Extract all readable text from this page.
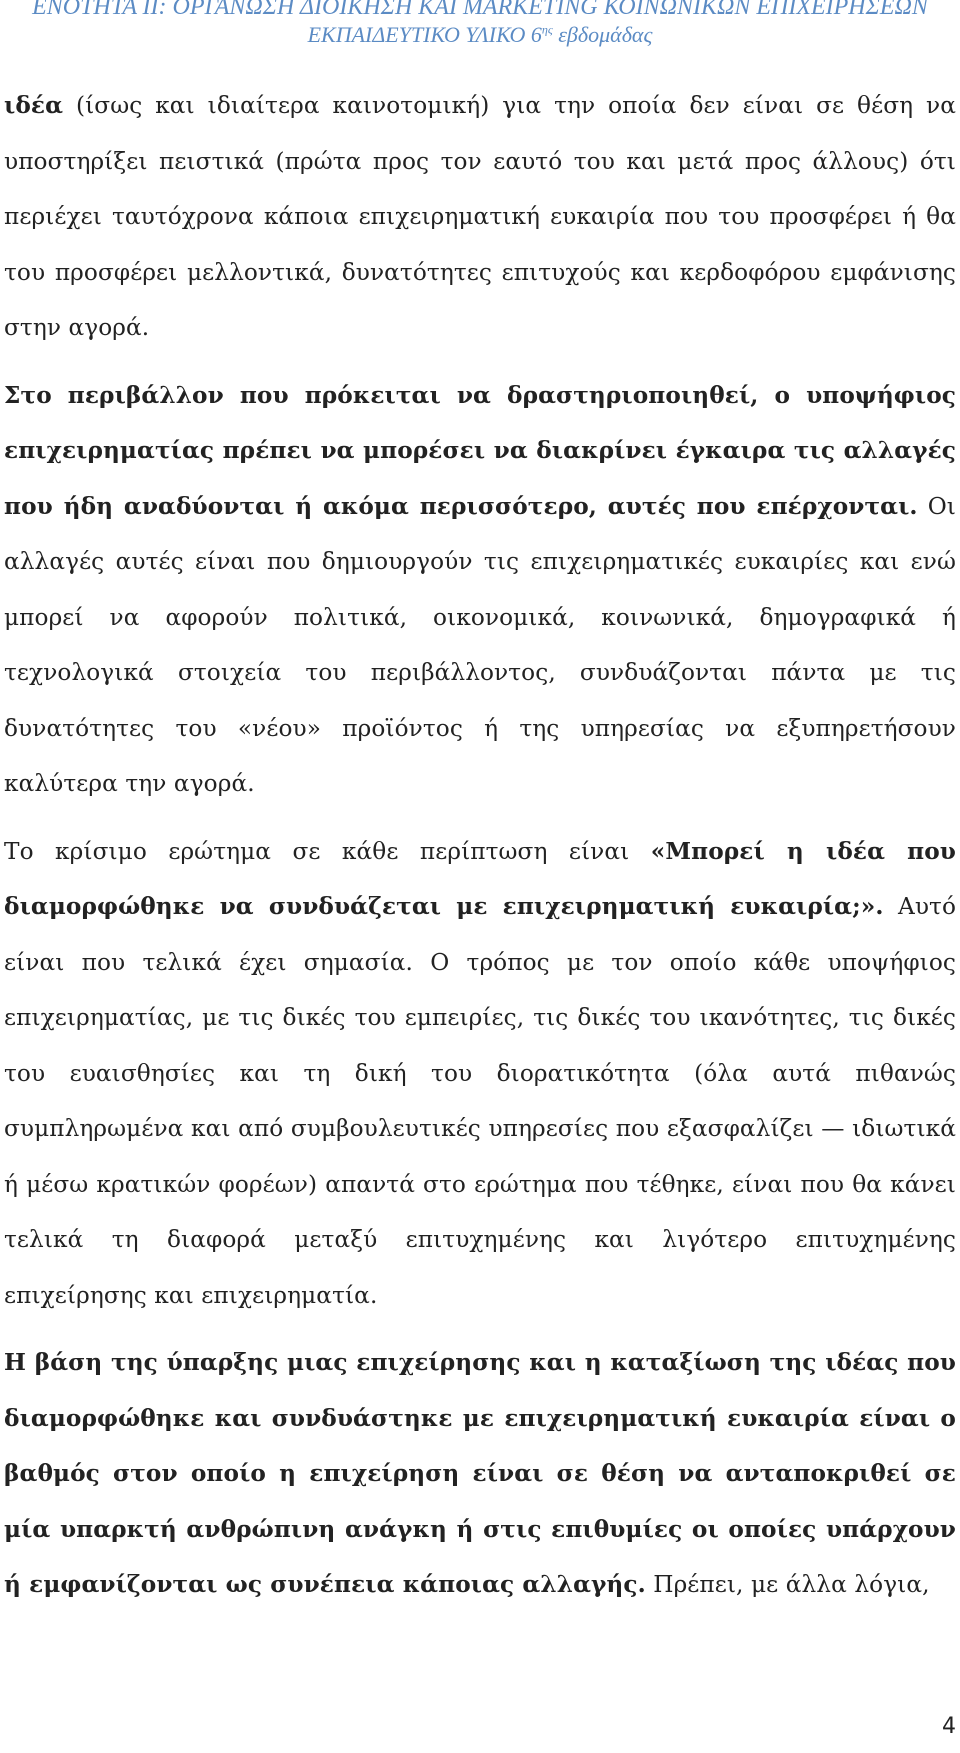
ΕΝΟΤΗΤΑ ΙΙ: ΟΡΓΑΝΩΣΗ ΔΙΟΙΚΗΣΗ ΚΑΙ MARKETING ΚΟΙΝΩΝΙΚΩΝ ΕΠΙΧΕΙΡΗΣΕΩΝ
ΕΚΠΑΙΔΕΥΤΙΚΟ ΥΛΙΚΟ $6^{\eta\varsigma}$ εβδομάδας

ιδέα (ίσως και ιδιαίτερα καινοτομική) για την οποία δεν είναι σε θέση να υποστηρίξει πειστικά (πρώτα προς τον εαυτό του και μετά προς άλλους) ότι περιέχει ταυτόχρονα κάποια επιχειρηματική ευκαιρία που του προσφέρει ή θα του προσφέρει μελλοντικά, δυνατότητες επιτυχούς και κερδοφόρου εμφάνισης στην αγορά.

Στο περιβάλλον που πρόκειται να δραστηριοποιηθεί, ο υποψήφιος επιχειρηματίας πρέπει να μπορέσει να διακρίνει έγκαιρα τις αλλαγές που ήδη αναδύονται ή ακόμα περισσότερο, αυτές που επέρχονται. Οι αλλαγές αυτές είναι που δημιουργούν τις επιχειρηματικές ευκαιρίες και ενώ μπορεί να αφορούν πολιτικά, οικονομικά, κοινωνικά, δημογραφικά ή τεχνολογικά στοιχεία του περιβάλλοντος, συνδυάζονται πάντα με τις δυνατότητες του «νέου» προϊόντος ή της υπηρεσίας να εξυπηρετήσουν καλύτερα την αγορά.

Το κρίσιμο ερώτημα σε κάθε περίπτωση είναι «Μπορεί η ιδέα που διαμορφώθηκε να συνδυάζεται με επιχειρηματική ευκαιρία;». Αυτό είναι που τελικά έχει σημασία. Ο τρόπος με τον οποίο κάθε υποψήφιος επιχειρηματίας, με τις δικές του εμπειρίες, τις δικές του ικανότητες, τις δικές του ευαισθησίες και τη δική του διορατικότητα (όλα αυτά πιθανώς συμπληρωμένα και από συμβουλευτικές υπηρεσίες που εξασφαλίζει — ιδιωτικά ή μέσω κρατικών φορέων) απαντά στο ερώτημα που τέθηκε, είναι που θα κάνει τελικά τη διαφορά μεταξύ επιτυχημένης και λιγότερο επιτυχημένης επιχείρησης και επιχειρηματία.

Η βάση της ύπαρξης μιας επιχείρησης και η καταξίωση της ιδέας που διαμορφώθηκε και συνδυάστηκε με επιχειρηματική ευκαιρία είναι ο βαθμός στον οποίο η επιχείρηση είναι σε θέση να ανταποκριθεί σε μία υπαρκτή ανθρώπινη ανάγκη ή στις επιθυμίες οι οποίες υπάρχουν ή εμφανίζονται ως συνέπεια κάποιας αλλαγής. Πρέπει, με άλλα λόγια,

4
